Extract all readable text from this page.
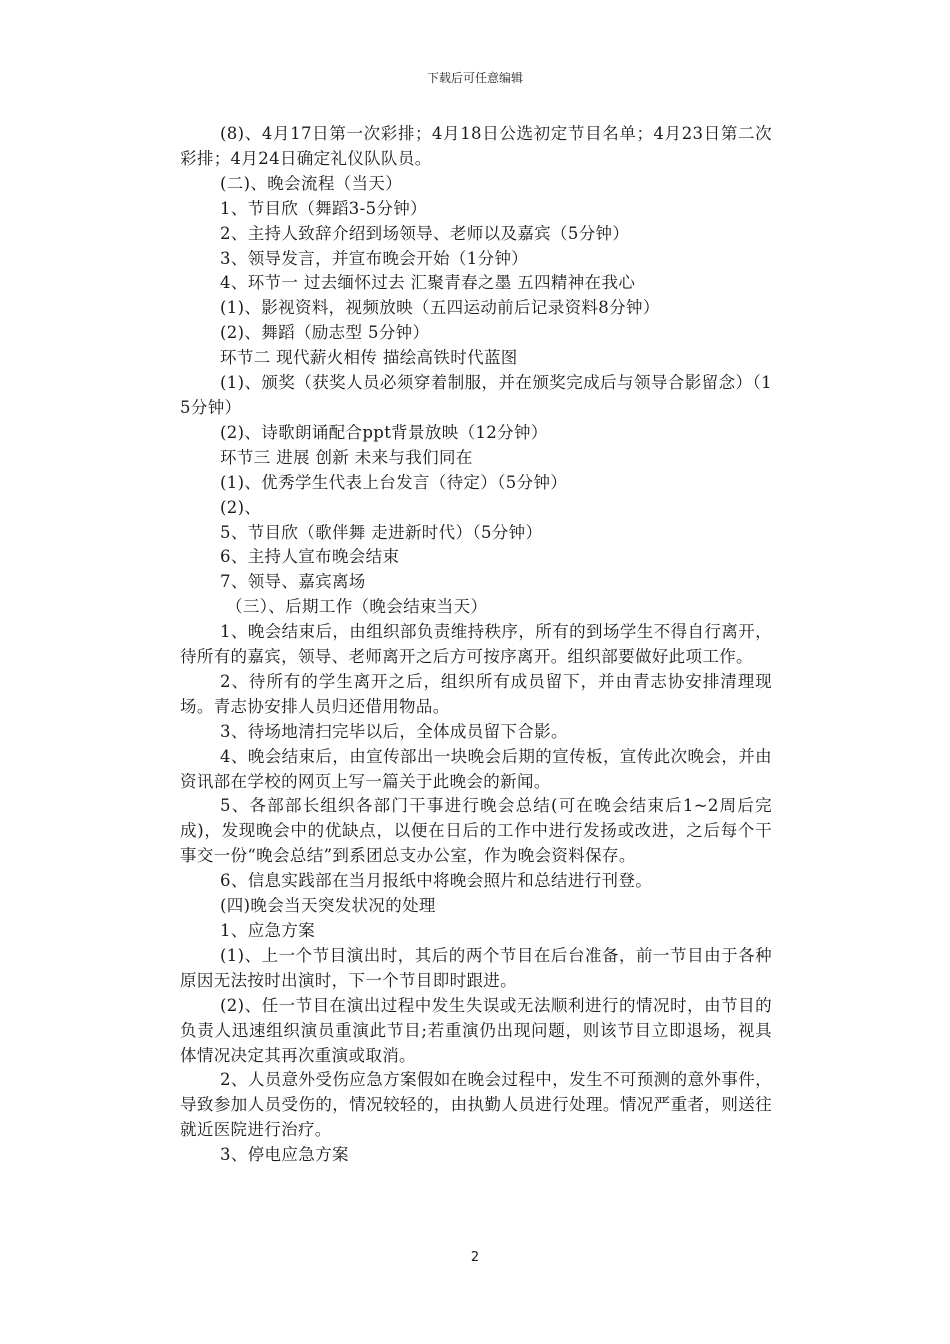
下载后可任意编辑

(8)、4月17日第一次彩排；4月18日公选初定节目名单；4月23日第二次彩排；4月24日确定礼仪队队员。

(二)、晚会流程（当天）

1、节目欣（舞蹈3-5分钟）

2、主持人致辞介绍到场领导、老师以及嘉宾（5分钟）

3、领导发言，并宣布晚会开始（1分钟）

4、环节一 过去缅怀过去 汇聚青春之墨 五四精神在我心

(1)、影视资料，视频放映（五四运动前后记录资料8分钟）

(2)、舞蹈（励志型 5分钟）

环节二 现代薪火相传 描绘高铁时代蓝图

(1)、颁奖（获奖人员必须穿着制服，并在颁奖完成后与领导合影留念）（15分钟）

(2)、诗歌朗诵配合ppt背景放映（12分钟）

环节三 进展 创新 未来与我们同在

(1)、优秀学生代表上台发言（待定）（5分钟）

(2)、

5、节目欣（歌伴舞 走进新时代）（5分钟）

6、主持人宣布晚会结束

7、领导、嘉宾离场

（三）、后期工作（晚会结束当天）

1、晚会结束后，由组织部负责维持秩序，所有的到场学生不得自行离开，待所有的嘉宾，领导、老师离开之后方可按序离开。组织部要做好此项工作。

2、待所有的学生离开之后，组织所有成员留下，并由青志协安排清理现场。青志协安排人员归还借用物品。

3、待场地清扫完毕以后，全体成员留下合影。

4、晚会结束后，由宣传部出一块晚会后期的宣传板，宣传此次晚会，并由资讯部在学校的网页上写一篇关于此晚会的新闻。

5、各部部长组织各部门干事进行晚会总结(可在晚会结束后1~2周后完成)，发现晚会中的优缺点，以便在日后的工作中进行发扬或改进，之后每个干事交一份“晚会总结”到系团总支办公室，作为晚会资料保存。

6、信息实践部在当月报纸中将晚会照片和总结进行刊登。

(四)晚会当天突发状况的处理

1、应急方案

(1)、上一个节目演出时，其后的两个节目在后台准备，前一节目由于各种原因无法按时出演时，下一个节目即时跟进。

(2)、任一节目在演出过程中发生失误或无法顺利进行的情况时，由节目的负责人迅速组织演员重演此节目;若重演仍出现问题，则该节目立即退场，视具体情况决定其再次重演或取消。

2、人员意外受伤应急方案假如在晚会过程中，发生不可预测的意外事件，导致参加人员受伤的，情况较轻的，由执勤人员进行处理。情况严重者，则送往就近医院进行治疗。

3、停电应急方案

2
